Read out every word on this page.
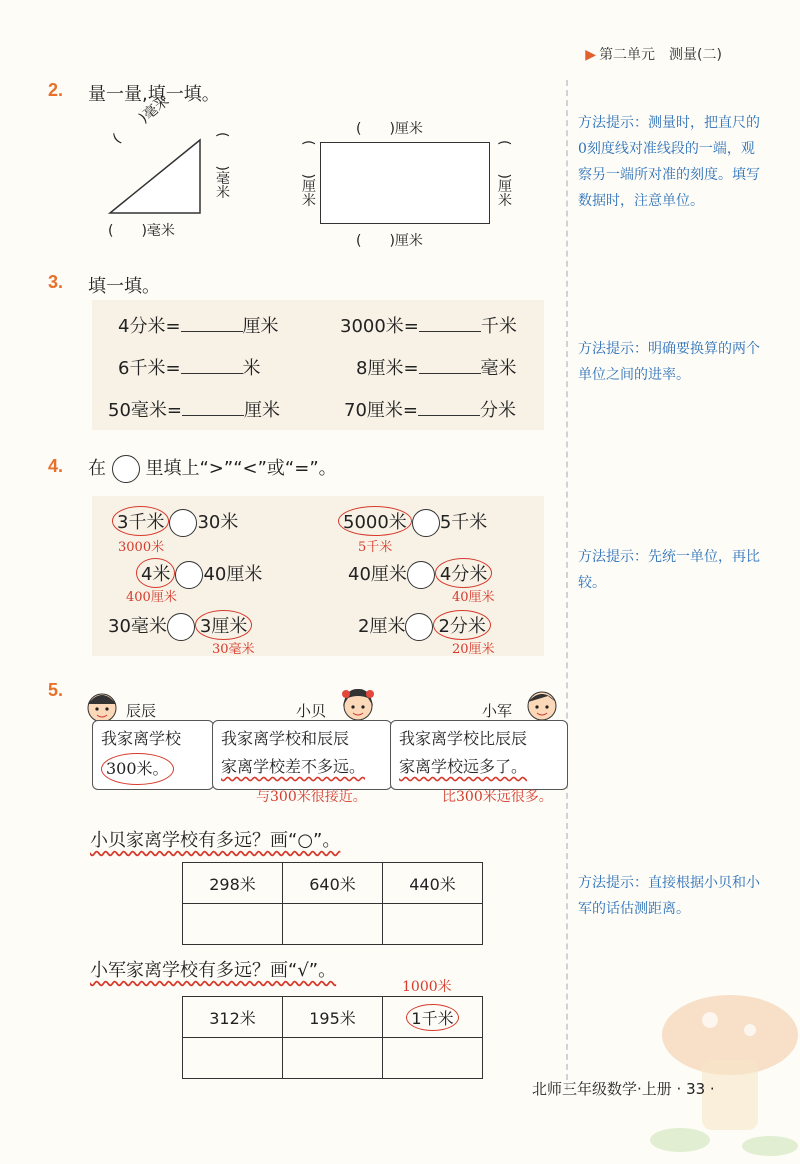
▶ 第二单元　测量(二)
2. 量一量,填一填。
(　　)毫米
(　　)毫米
(　　)毫米
(　　)厘米
(　　)厘米
(　　)厘米	(　　)厘米
方法提示：测量时，把直尺的0刻度线对准线段的一端，观察另一端所对准的刻度。填写数据时，注意单位。
3. 填一填。
4分米=	厘米	3000米=	千米
6千米=	米	8厘米=	毫米
50毫米=	厘米	70厘米=	分米
方法提示：明确要换算的两个单位之间的进率。
4. 在 里填上“>”“<”或“=”。
3千米 30米
3000米
5000米 5千米
5千米
4米 40厘米
400厘米
40厘米 4分米
40厘米
30毫米 3厘米
30毫米
2厘米 2分米
20厘米
方法提示：先统一单位，再比较。
5.
辰辰
我家离学校
300米。
小贝
我家离学校和辰辰
家离学校差不多远。
与300米很接近。
小军
我家离学校比辰辰
家离学校远多了。
比300米远很多。
小贝家离学校有多远？画“○”。
298米	640米	440米

小军家离学校有多远？画“√”。
1000米
312米	195米	1千米

方法提示：直接根据小贝和小军的话估测距离。
北师三年级数学·上册 · 33 ·
